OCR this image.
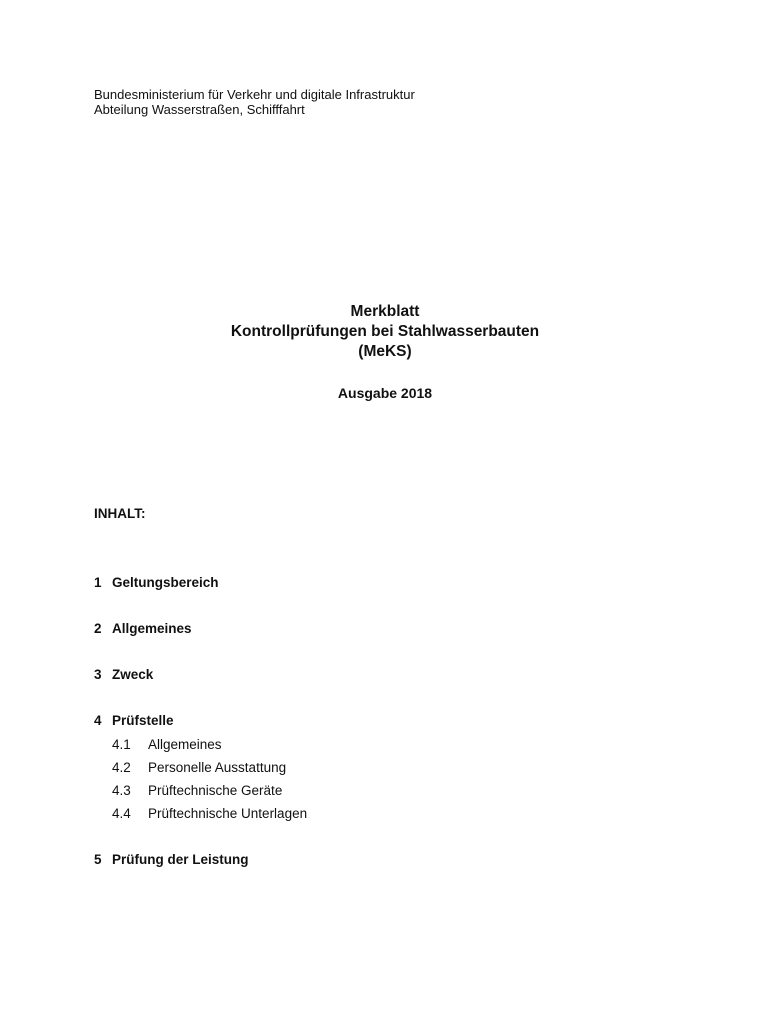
Bundesministerium für Verkehr und digitale Infrastruktur
Abteilung Wasserstraßen, Schifffahrt
Merkblatt
Kontrollprüfungen bei Stahlwasserbauten
(MeKS)
Ausgabe 2018
INHALT:
1 Geltungsbereich
2 Allgemeines
3 Zweck
4 Prüfstelle
4.1 Allgemeines
4.2 Personelle Ausstattung
4.3 Prüftechnische Geräte
4.4 Prüftechnische Unterlagen
5 Prüfung der Leistung
